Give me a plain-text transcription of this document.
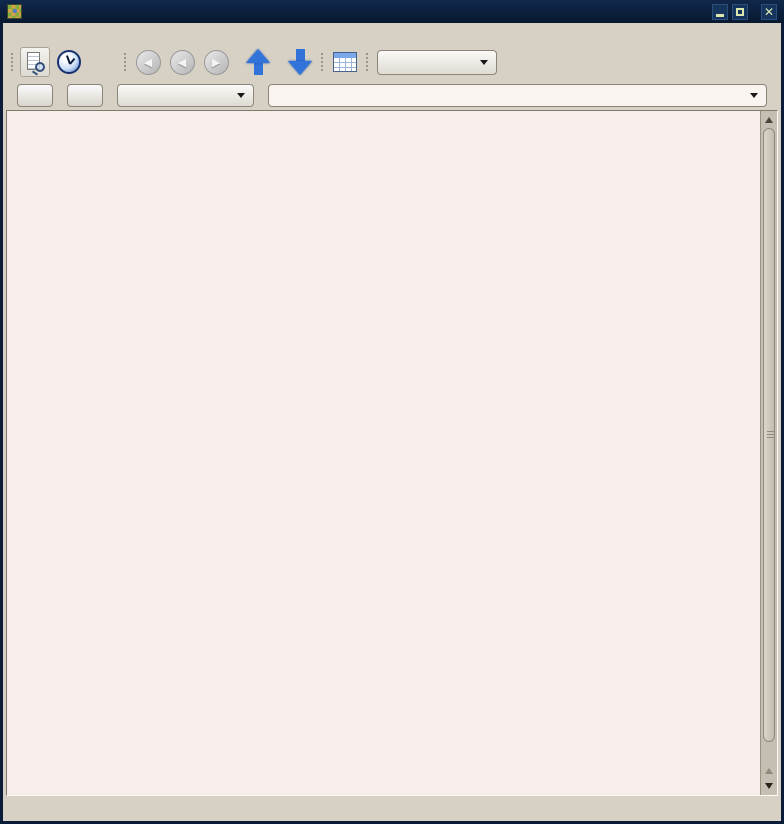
✕
◀	◀	▶
